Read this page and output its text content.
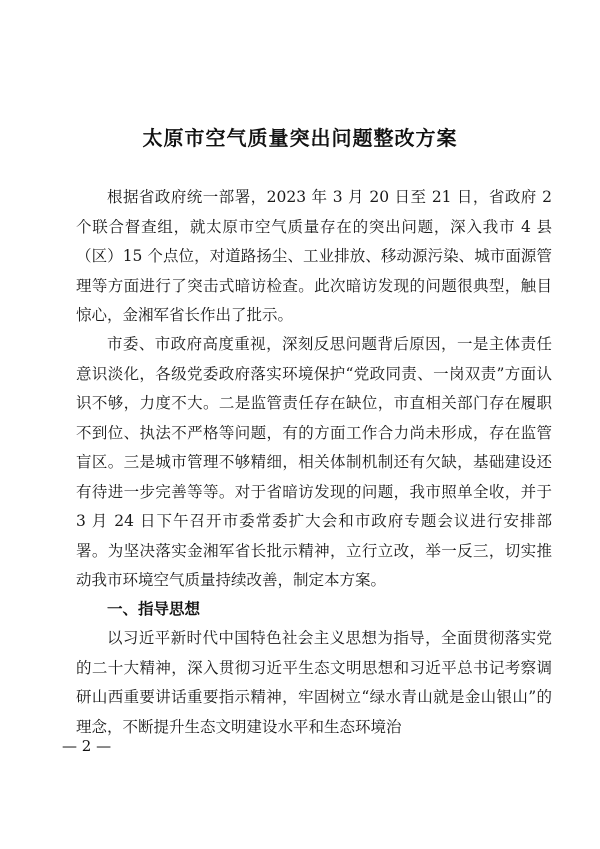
太原市空气质量突出问题整改方案

根据省政府统一部署，2023 年 3 月 20 日至 21 日，省政府 2 个联合督查组，就太原市空气质量存在的突出问题，深入我市 4 县（区）15 个点位，对道路扬尘、工业排放、移动源污染、城市面源管理等方面进行了突击式暗访检查。此次暗访发现的问题很典型，触目惊心，金湘军省长作出了批示。

市委、市政府高度重视，深刻反思问题背后原因，一是主体责任意识淡化，各级党委政府落实环境保护“党政同责、一岗双责”方面认识不够，力度不大。二是监管责任存在缺位，市直相关部门存在履职不到位、执法不严格等问题，有的方面工作合力尚未形成，存在监管盲区。三是城市管理不够精细，相关体制机制还有欠缺，基础建设还有待进一步完善等等。对于省暗访发现的问题，我市照单全收，并于 3 月 24 日下午召开市委常委扩大会和市政府专题会议进行安排部署。为坚决落实金湘军省长批示精神，立行立改，举一反三，切实推动我市环境空气质量持续改善，制定本方案。

一、指导思想

以习近平新时代中国特色社会主义思想为指导，全面贯彻落实党的二十大精神，深入贯彻习近平生态文明思想和习近平总书记考察调研山西重要讲话重要指示精神，牢固树立“绿水青山就是金山银山”的理念，不断提升生态文明建设水平和生态环境治

— 2 —
